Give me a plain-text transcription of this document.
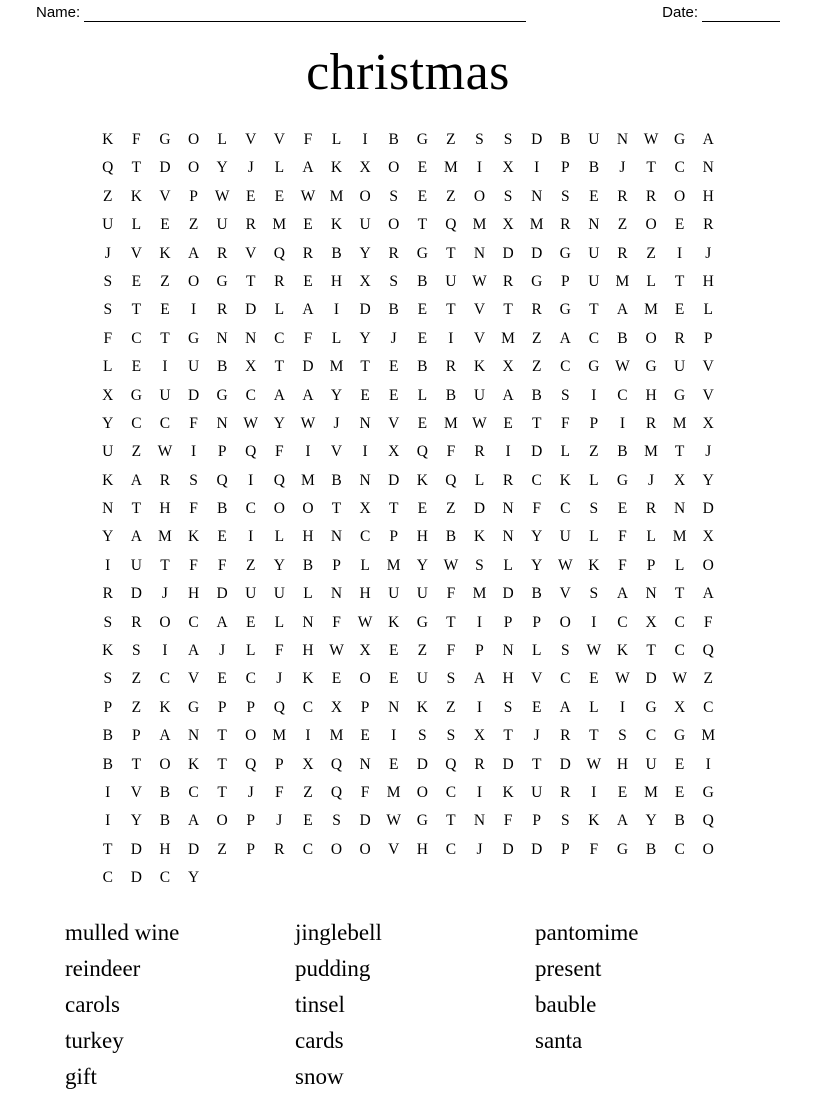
Name:	Date:
christmas
K	F	G	O	L	V	V	F	L	I	B	G	Z	S	S	D	B	U	N	W	G	A
Q	T	D	O	Y	J	L	A	K	X	O	E	M	I	X	I	P	B	J	T	C	N
Z	K	V	P	W	E	E	W M	O	S	E	Z	O	S	N	S	E	R	R	O	H
U	L	E	Z	U	R	M	E	K	U	O	T	Q	M	X	M	R	N	Z	O	E	R
J	V	K	A	R	V	Q	R	B	Y	R	G	T	N	D	D	G	U	R	Z	I	J
S	E	Z	O	G	T	R	E	H	X	S	B	U	W	R	G	P	U	M	L	T	H
S	T	E	I	R	D	L	A	I	D	B	E	T	V	T	R	G	T	A	M	E	L
F	C	T	G	N	N	C	F	L	Y	J	E	I	V	M	Z	A	C	B	O	R	P
L	E	I	U	B	X	T	D	M	T	E	B	R	K	X	Z	C	G	W	G	U	V
X	G	U	D	G	C	A	A	Y	E	E	L	B	U	A	B	S	I	C	H	G	V
Y	C	C	F	N	W	Y	W	J	N	V	E	M W	E	T	F	P	I	R	M	X
U	Z	W	I	P	Q	F	I	V	I	X	Q	F	R	I	D	L	Z	B	M	T	J
K	A	R	S	Q	I	Q	M	B	N	D	K	Q	L	R	C	K	L	G	J	X	Y
N	T	H	F	B	C	O	O	T	X	T	E	Z	D	N	F	C	S	E	R	N	D
Y	A	M	K	E	I	L	H	N	C	P	H	B	K	N	Y	U	L	F	L	M	X
I	U	T	F	F	Z	Y	B	P	L	M	Y	W	S	L	Y	W	K	F	P	L	O
R	D	J	H	D	U	U	L	N	H	U	U	F	M	D	B	V	S	A	N	T	A
S	R	O	C	A	E	L	N	F	W	K	G	T	I	P	P	O	I	C	X	C	F
K	S	I	A	J	L	F	H	W	X	E	Z	F	P	N	L	S	W	K	T	C	Q
S	Z	C	V	E	C	J	K	E	O	E	U	S	A	H	V	C	E	W	D	W	Z
P	Z	K	G	P	P	Q	C	X	P	N	K	Z	I	S	E	A	L	I	G	X	C
B	P	A	N	T	O	M	I	M	E	I	S	S	X	T	J	R	T	S	C	G	M
B	T	O	K	T	Q	P	X	Q	N	E	D	Q	R	D	T	D	W	H	U	E	I
I	V	B	C	T	J	F	Z	Q	F	M	O	C	I	K	U	R	I	E	M	E	G
I	Y	B	A	O	P	J	E	S	D	W	G	T	N	F	P	S	K	A	Y	B	Q
T	D	H	D	Z	P	R	C	O	O	V	H	C	J	D	D	P	F	G	B	C	O
C	D	C	Y
mulled wine	jinglebell	pantomime
reindeer	pudding	present
carols	tinsel	bauble
turkey	cards	santa
gift	snow
